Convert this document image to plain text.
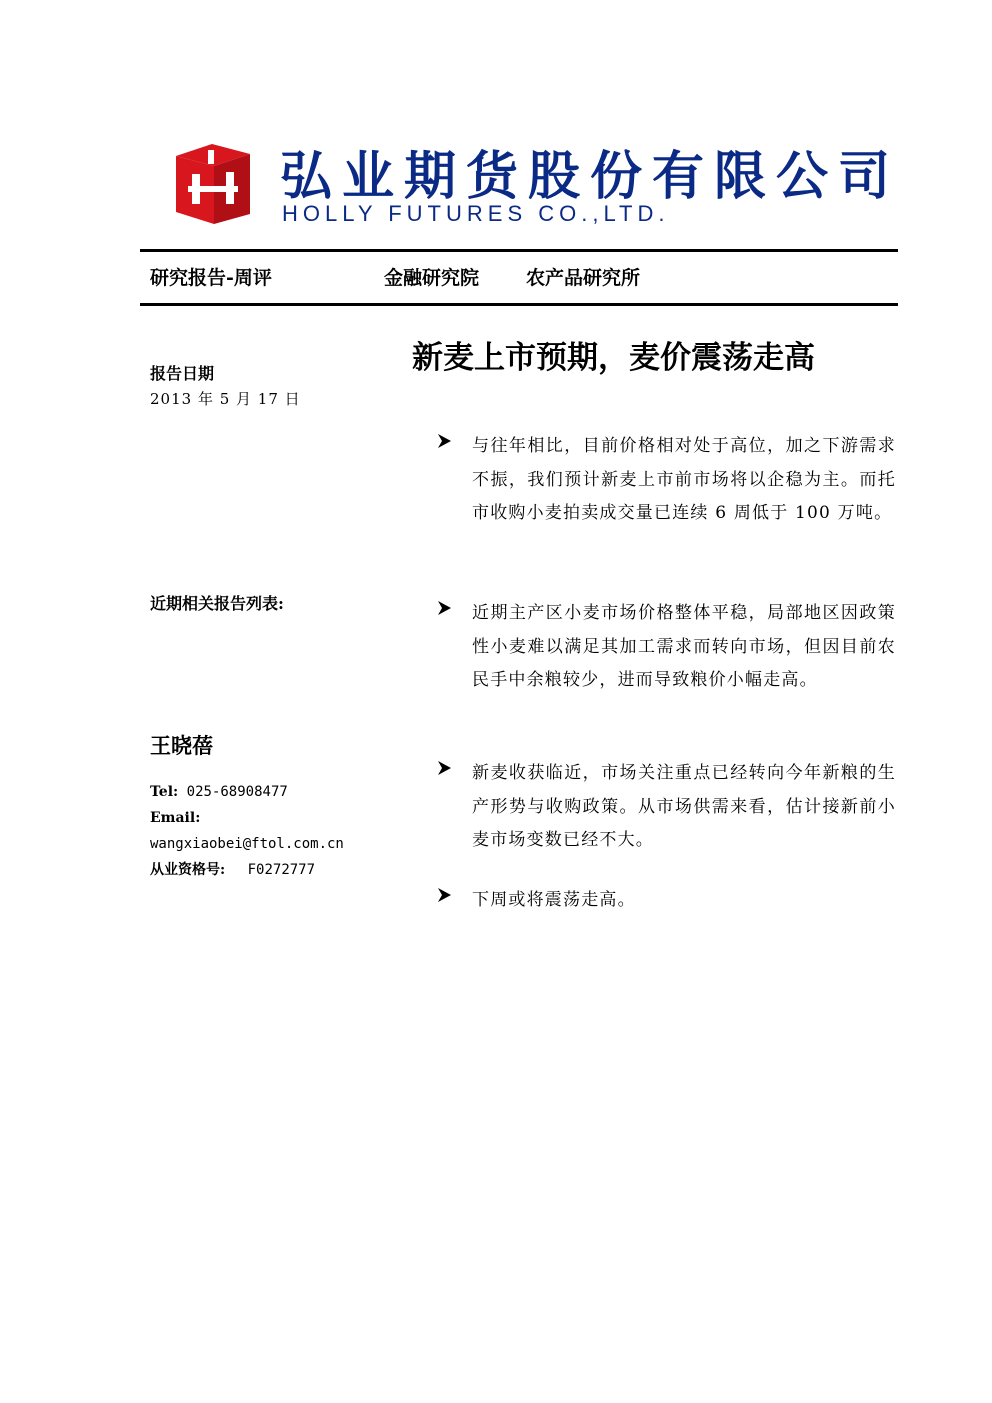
弘业期货股份有限公司
HOLLY FUTURES CO.,LTD.
研究报告-周评	金融研究院 农产品研究所
新麦上市预期，麦价震荡走高
报告日期
2013 年 5 月 17 日
近期相关报告列表:
王晓蓓
Tel: 025-68908477
Email:
wangxiaobei@ftol.com.cn
从业资格号: F0272777
与往年相比，目前价格相对处于高位，加之下游需求不振，我们预计新麦上市前市场将以企稳为主。而托市收购小麦拍卖成交量已连续 6 周低于 100 万吨。
近期主产区小麦市场价格整体平稳，局部地区因政策性小麦难以满足其加工需求而转向市场，但因目前农民手中余粮较少，进而导致粮价小幅走高。
新麦收获临近，市场关注重点已经转向今年新粮的生产形势与收购政策。从市场供需来看，估计接新前小麦市场变数已经不大。
下周或将震荡走高。
